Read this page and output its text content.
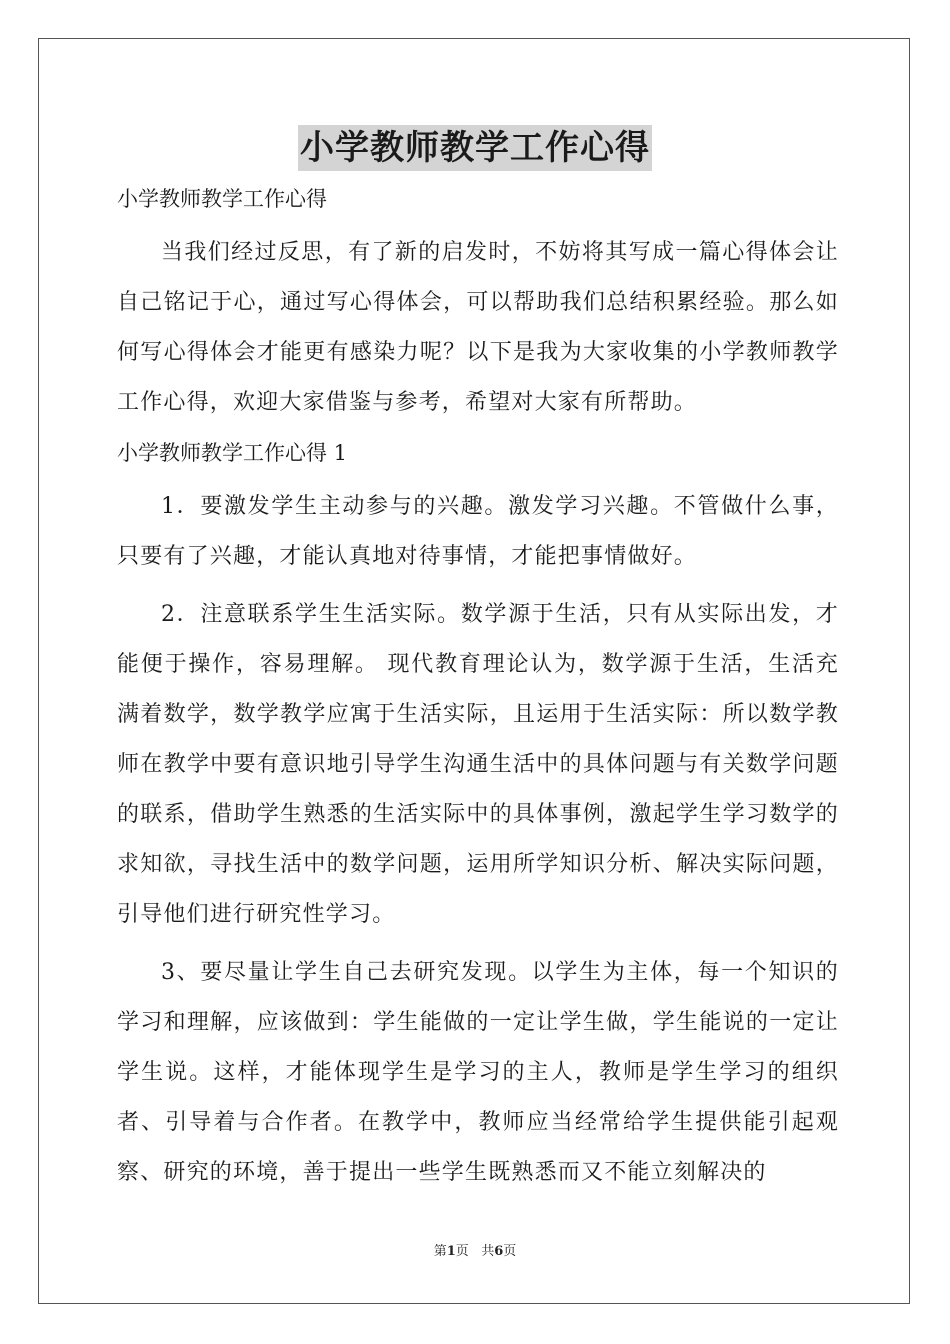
小学教师教学工作心得
小学教师教学工作心得

当我们经过反思，有了新的启发时，不妨将其写成一篇心得体会让自己铭记于心，通过写心得体会，可以帮助我们总结积累经验。那么如何写心得体会才能更有感染力呢？以下是我为大家收集的小学教师教学工作心得，欢迎大家借鉴与参考，希望对大家有所帮助。

小学教师教学工作心得 1

1．要激发学生主动参与的兴趣。激发学习兴趣。不管做什么事，只要有了兴趣，才能认真地对待事情，才能把事情做好。

2．注意联系学生生活实际。数学源于生活，只有从实际出发，才能便于操作，容易理解。 现代教育理论认为，数学源于生活，生活充满着数学，数学教学应寓于生活实际，且运用于生活实际：所以数学教师在教学中要有意识地引导学生沟通生活中的具体问题与有关数学问题的联系，借助学生熟悉的生活实际中的具体事例，激起学生学习数学的求知欲，寻找生活中的数学问题，运用所学知识分析、解决实际问题，引导他们进行研究性学习。

3、要尽量让学生自己去研究发现。以学生为主体，每一个知识的学习和理解，应该做到：学生能做的一定让学生做，学生能说的一定让学生说。这样，才能体现学生是学习的主人，教师是学生学习的组织者、引导着与合作者。在教学中，教师应当经常给学生提供能引起观察、研究的环境，善于提出一些学生既熟悉而又不能立刻解决的

第1页 共6页
